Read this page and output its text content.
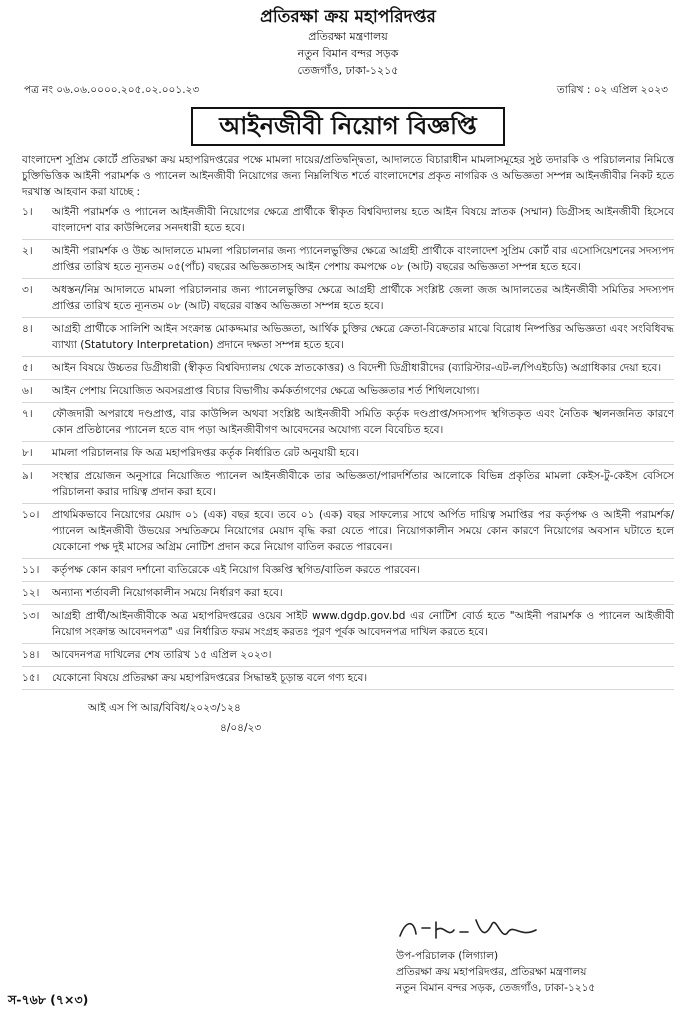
প্রতিরক্ষা ক্রয় মহাপরিদপ্তর
প্রতিরক্ষা মন্ত্রণালয়
নতুন বিমান বন্দর সড়ক
তেজগাঁও, ঢাকা-১২১৫
পত্র নং ০৬.০৬.০০০০.২০৫.০২.০০১.২৩	তারিখ : ০২ এপ্রিল ২০২৩
আইনজীবী নিয়োগ বিজ্ঞপ্তি
বাংলাদেশ সুপ্রিম কোর্টে প্রতিরক্ষা ক্রয় মহাপরিদপ্তরের পক্ষে মামলা দায়ের/প্রতিদ্বন্দ্বিতা, আদালতে বিচারাধীন মামলাসমূহের সুষ্ঠ তদারকি ও পরিচালনার নিমিত্তে চুক্তিভিত্তিক আইনী পরামর্শক ও প্যানেল আইনজীবী নিয়োগের জন্য নিম্নলিখিত শর্তে বাংলাদেশের প্রকৃত নাগরিক ও অভিজ্ঞতা সম্পন্ন আইনজীবীর নিকট হতে দরখাস্ত আহবান করা যাচ্ছে :
১।	আইনী পরামর্শক ও প্যানেল আইনজীবী নিয়োগের ক্ষেত্রে প্রার্থীকে স্বীকৃত বিশ্ববিদ্যালয় হতে আইন বিষয়ে স্নাতক (সম্মান) ডিগ্রীসহ আইনজীবী হিসেবে বাংলাদেশ বার কাউন্সিলের সনদধারী হতে হবে।
২।	আইনী পরামর্শক ও উচ্চ আদালতে মামলা পরিচালনার জন্য প্যানেলভুক্তির ক্ষেত্রে আগ্রহী প্রার্থীকে বাংলাদেশ সুপ্রিম কোর্ট বার এসোসিয়েশনের সদস্যপদ প্রাপ্তির তারিখ হতে ন্যূনতম ০৫(পাঁচ) বছরের অভিজ্ঞতাসহ আইন পেশায় কমপক্ষে ০৮ (আট) বছরের অভিজ্ঞতা সম্পন্ন হতে হবে।
৩।	অধস্তন/নিম্ন আদালতে মামলা পরিচালনার জন্য প্যানেলভুক্তির ক্ষেত্রে আগ্রহী প্রার্থীকে সংশ্লিষ্ট জেলা জজ আদালতের আইনজীবী সমিতির সদস্যপদ প্রাপ্তির তারিখ হতে ন্যূনতম ০৮ (আট) বছরের বাস্তব অভিজ্ঞতা সম্পন্ন হতে হবে।
৪।	আগ্রহী প্রার্থীকে সালিশি আইন সংক্রান্ত মোকদ্দমার অভিজ্ঞতা, আর্থিক চুক্তির ক্ষেত্রে ক্রেতা-বিক্রেতার মাঝে বিরোধ নিষ্পত্তির অভিজ্ঞতা এবং সংবিধিবদ্ধ ব্যাখ্যা (Statutory Interpretation) প্রদানে দক্ষতা সম্পন্ন হতে হবে।
৫।	আইন বিষয়ে উচ্চতর ডিগ্রীধারী (স্বীকৃত বিশ্ববিদ্যালয় থেকে স্নাতকোত্তর) ও বিদেশী ডিগ্রীধারীদের (ব্যারিস্টার-এট-ল/পিএইচডি) অগ্রাধিকার দেয়া হবে।
৬।	আইন পেশায় নিয়োজিত অবসরপ্রাপ্ত বিচার বিভাগীয় কর্মকর্তাগণের ক্ষেত্রে অভিজ্ঞতার শর্ত শিথিলযোগ্য।
৭।	ফৌজদারী অপরাধে দণ্ডপ্রাপ্ত, বার কাউন্সিল অথবা সংশ্লিষ্ট আইনজীবী সমিতি কর্তৃক দণ্ডপ্রাপ্ত/সদস্যপদ স্থগিতকৃত এবং নৈতিক স্খলনজনিত কারণে কোন প্রতিষ্ঠানের প্যানেল হতে বাদ পড়া আইনজীবীগণ আবেদনের অযোগ্য বলে বিবেচিত হবে।
৮।	মামলা পরিচালনার ফি অত্র মহাপরিদপ্তর কর্তৃক নির্ধারিত রেট অনুযায়ী হবে।
৯।	সংস্থার প্রয়োজন অনুসারে নিয়োজিত প্যানেল আইনজীবীকে তার অভিজ্ঞতা/পারদর্শিতার আলোকে বিভিন্ন প্রকৃতির মামলা কেইস-টু-কেইস বেসিসে পরিচালনা করার দায়িত্ব প্রদান করা হবে।
১০।	প্রাথমিকভাবে নিয়োগের মেয়াদ ০১ (এক) বছর হবে। তবে ০১ (এক) বছর সাফল্যের সাথে অর্পিত দায়িত্ব সমাপ্তির পর কর্তৃপক্ষ ও আইনী পরামর্শক/প্যানেল আইনজীবী উভয়ের সম্মতিক্রমে নিয়োগের মেয়াদ বৃদ্ধি করা যেতে পারে। নিয়োগকালীন সময়ে কোন কারণে নিয়োগের অবসান ঘটাতে হলে যেকোনো পক্ষ দুই মাসের অগ্রিম নোটিশ প্রদান করে নিয়োগ বাতিল করতে পারবেন।
১১।	কর্তৃপক্ষ কোন কারণ দর্শানো ব্যতিরেকে এই নিয়োগ বিজ্ঞপ্তি স্থগিত/বাতিল করতে পারবেন।
১২।	অন্যান্য শর্তাবলী নিয়োগকালীন সময়ে নির্ধারণ করা হবে।
১৩।	আগ্রহী প্রার্থী/আইনজীবীকে অত্র মহাপরিদপ্তরের ওয়েব সাইট www.dgdp.gov.bd এর নোটিশ বোর্ড হতে "আইনী পরামর্শক ও প্যানেল আইজীবী নিয়োগ সংক্রান্ত আবেদনপত্র" এর নির্ধারিত ফরম সংগ্রহ করতঃ পূরণ পূর্বক আবেদনপত্র দাখিল করতে হবে।
১৪।	আবেদনপত্র দাখিলের শেষ তারিখ ১৫ এপ্রিল ২০২৩।
১৫।	যেকোনো বিষয়ে প্রতিরক্ষা ক্রয় মহাপরিদপ্তরের সিদ্ধান্তই চূড়ান্ত বলে গণ্য হবে।
আই এস পি আর/বিবিধ/২০২৩/১২৪
৪/০৪/২৩
উপ-পরিচালক (লিগ্যাল)
প্রতিরক্ষা ক্রয় মহাপরিদপ্তর, প্রতিরক্ষা মন্ত্রণালয়
নতুন বিমান বন্দর সড়ক, তেজগাঁও, ঢাকা-১২১৫
স-৭৬৮ (৭×৩)
